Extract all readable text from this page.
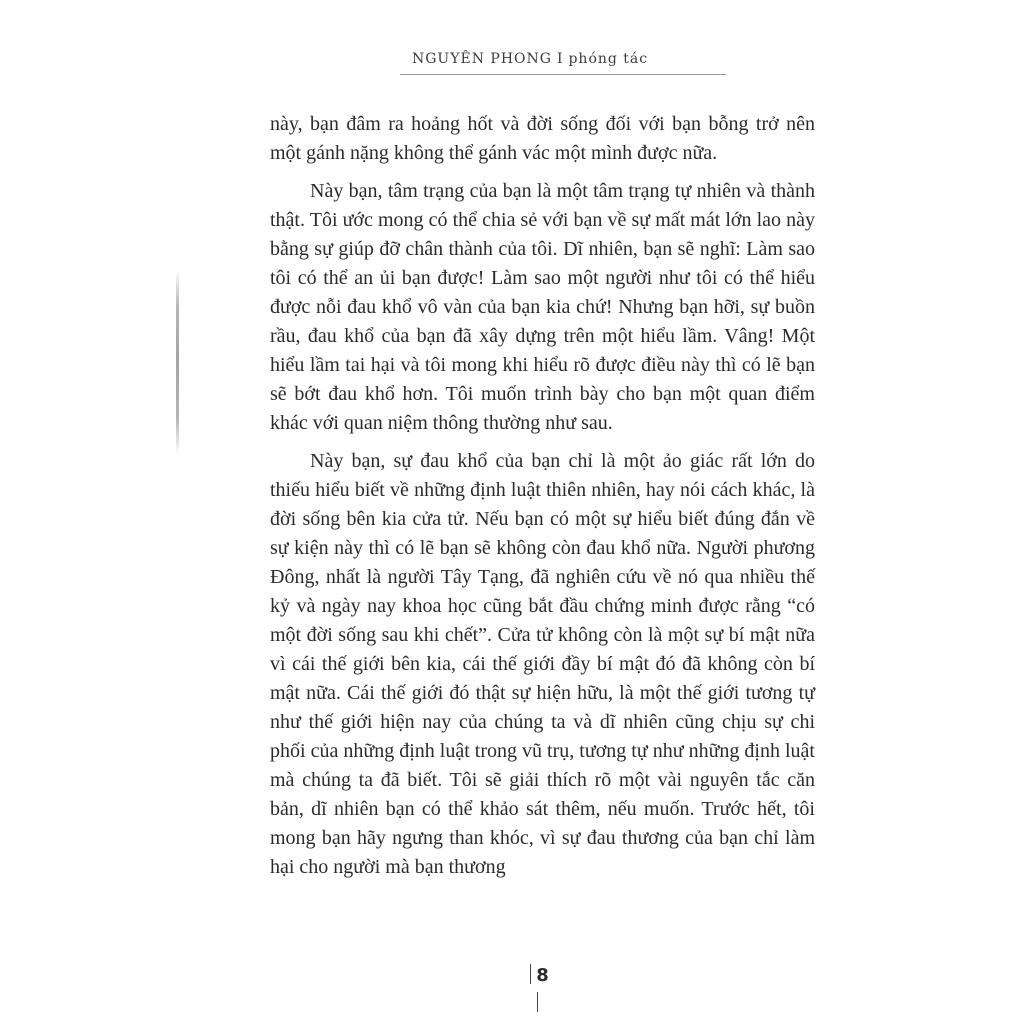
NGUYÊN PHONG I phóng tác

này, bạn đâm ra hoảng hốt và đời sống đối với bạn bỗng trở nên một gánh nặng không thể gánh vác một mình được nữa.

Này bạn, tâm trạng của bạn là một tâm trạng tự nhiên và thành thật. Tôi ước mong có thể chia sẻ với bạn về sự mất mát lớn lao này bằng sự giúp đỡ chân thành của tôi. Dĩ nhiên, bạn sẽ nghĩ: Làm sao tôi có thể an ủi bạn được! Làm sao một người như tôi có thể hiểu được nỗi đau khổ vô vàn của bạn kia chứ! Nhưng bạn hỡi, sự buồn rầu, đau khổ của bạn đã xây dựng trên một hiểu lầm. Vâng! Một hiểu lầm tai hại và tôi mong khi hiểu rõ được điều này thì có lẽ bạn sẽ bớt đau khổ hơn. Tôi muốn trình bày cho bạn một quan điểm khác với quan niệm thông thường như sau.

Này bạn, sự đau khổ của bạn chỉ là một ảo giác rất lớn do thiếu hiểu biết về những định luật thiên nhiên, hay nói cách khác, là đời sống bên kia cửa tử. Nếu bạn có một sự hiểu biết đúng đắn về sự kiện này thì có lẽ bạn sẽ không còn đau khổ nữa. Người phương Đông, nhất là người Tây Tạng, đã nghiên cứu về nó qua nhiều thế kỷ và ngày nay khoa học cũng bắt đầu chứng minh được rằng “có một đời sống sau khi chết”. Cửa tử không còn là một sự bí mật nữa vì cái thế giới bên kia, cái thế giới đầy bí mật đó đã không còn bí mật nữa. Cái thế giới đó thật sự hiện hữu, là một thế giới tương tự như thế giới hiện nay của chúng ta và dĩ nhiên cũng chịu sự chi phối của những định luật trong vũ trụ, tương tự như những định luật mà chúng ta đã biết. Tôi sẽ giải thích rõ một vài nguyên tắc căn bản, dĩ nhiên bạn có thể khảo sát thêm, nếu muốn. Trước hết, tôi mong bạn hãy ngưng than khóc, vì sự đau thương của bạn chỉ làm hại cho người mà bạn thương

8
